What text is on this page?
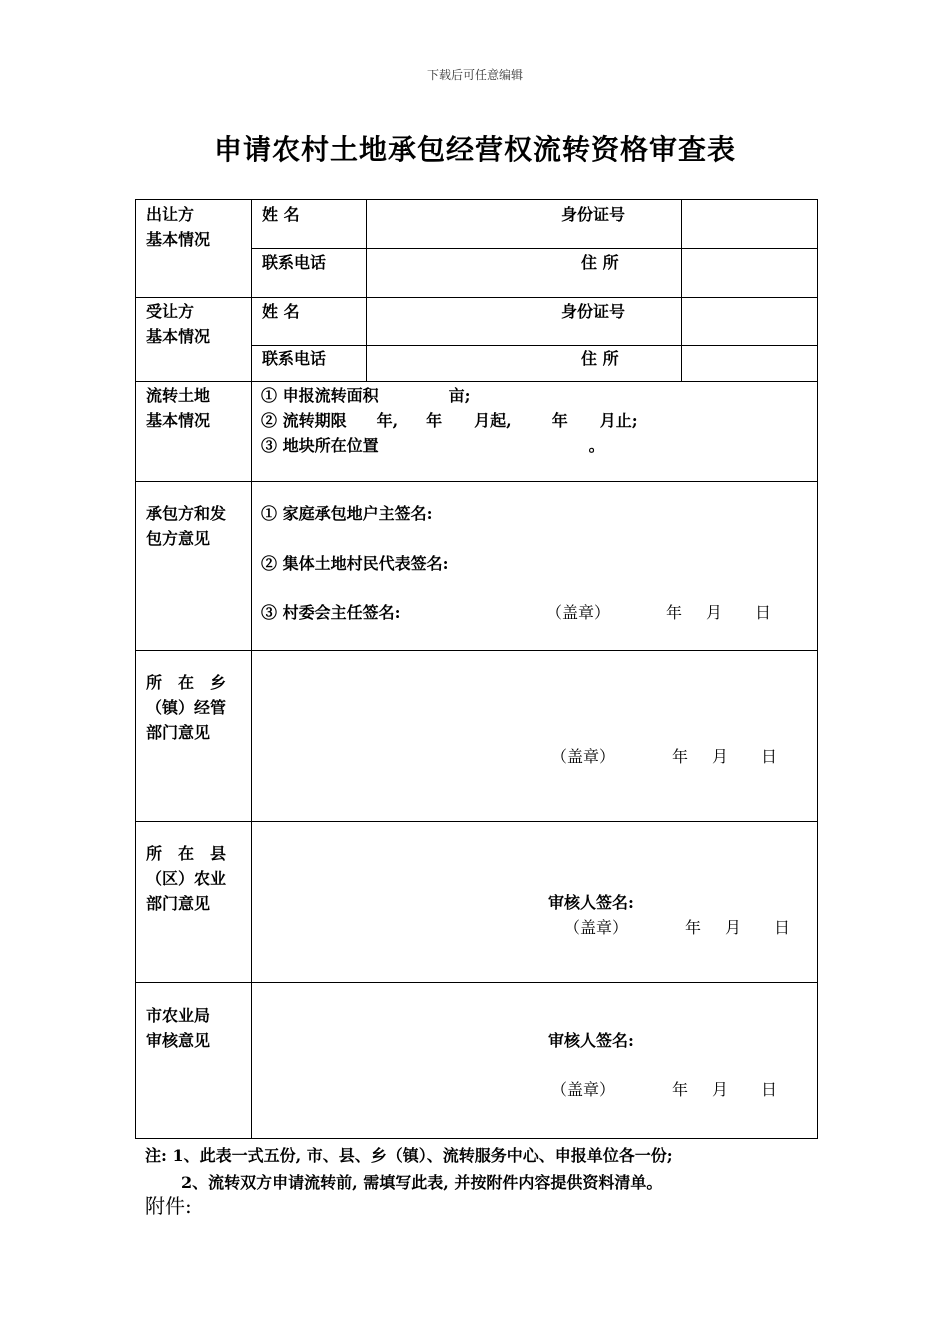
下载后可任意编辑
申请农村土地承包经营权流转资格审查表
出让方
基本情况
姓 名	身份证号
联系电话	住 所
受让方
基本情况
姓 名	身份证号
联系电话	住 所
流转土地
基本情况
① 申报流转面积	亩;
② 流转期限 年, 年 月起,	年 月止;
③ 地块所在位置	。
承包方和发
包方意见
① 家庭承包地户主签名:
② 集体土地村民代表签名:
③ 村委会主任签名:	（盖章）	年 月 日
所　在　乡
（镇）经管
部门意见
（盖章）	年 月 日
所　在　县
（区）农业
部门意见	审核人签名:
（盖章）	年 月 日
市农业局
审核意见	审核人签名:
（盖章）	年 月 日
注: 1、此表一式五份, 市、县、乡（镇）、流转服务中心、申报单位各一份;
2、流转双方申请流转前, 需填写此表, 并按附件内容提供资料清单。
附件:
